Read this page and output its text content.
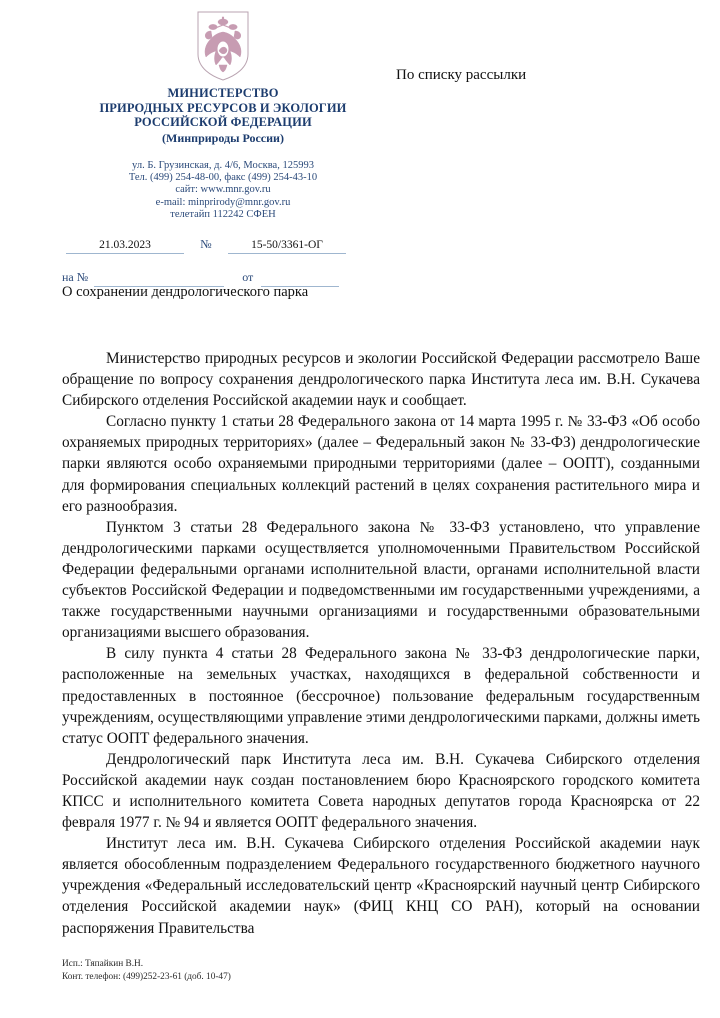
МИНИСТЕРСТВО
ПРИРОДНЫХ РЕСУРСОВ И ЭКОЛОГИИ
РОССИЙСКОЙ ФЕДЕРАЦИИ
(Минприроды России)
ул. Б. Грузинская, д. 4/6, Москва, 125993
Тел. (499) 254-48-00, факс (499) 254-43-10
сайт: www.mnr.gov.ru
e-mail: minprirody@mnr.gov.ru
телетайп 112242 СФЕН
По списку рассылки
21.03.2023	№	15-50/3361-ОГ
на №
	от

О сохранении дендрологического парка

Министерство природных ресурсов и экологии Российской Федерации рассмотрело Ваше обращение по вопросу сохранения дендрологического парка Института леса им. В.Н. Сукачева Сибирского отделения Российской академии наук и сообщает.

Согласно пункту 1 статьи 28 Федерального закона от 14 марта 1995 г. № 33-ФЗ «Об особо охраняемых природных территориях» (далее – Федеральный закон № 33-ФЗ) дендрологические парки являются особо охраняемыми природными территориями (далее – ООПТ), созданными для формирования специальных коллекций растений в целях сохранения растительного мира и его разнообразия.

Пунктом 3 статьи 28 Федерального закона № 33-ФЗ установлено, что управление дендрологическими парками осуществляется уполномоченными Правительством Российской Федерации федеральными органами исполнительной власти, органами исполнительной власти субъектов Российской Федерации и подведомственными им государственными учреждениями, а также государственными научными организациями и государственными образовательными организациями высшего образования.

В силу пункта 4 статьи 28 Федерального закона № 33-ФЗ дендрологические парки, расположенные на земельных участках, находящихся в федеральной собственности и предоставленных в постоянное (бессрочное) пользование федеральным государственным учреждениям, осуществляющими управление этими дендрологическими парками, должны иметь статус ООПТ федерального значения.

Дендрологический парк Института леса им. В.Н. Сукачева Сибирского отделения Российской академии наук создан постановлением бюро Красноярского городского комитета КПСС и исполнительного комитета Совета народных депутатов города Красноярска от 22 февраля 1977 г. № 94 и является ООПТ федерального значения.

Институт леса им. В.Н. Сукачева Сибирского отделения Российской академии наук является обособленным подразделением Федерального государственного бюджетного научного учреждения «Федеральный исследовательский центр «Красноярский научный центр Сибирского отделения Российской академии наук» (ФИЦ КНЦ СО РАН), который на основании распоряжения Правительства

Исп.: Тяпайкин В.Н.
Конт. телефон: (499)252-23-61 (доб. 10-47)
